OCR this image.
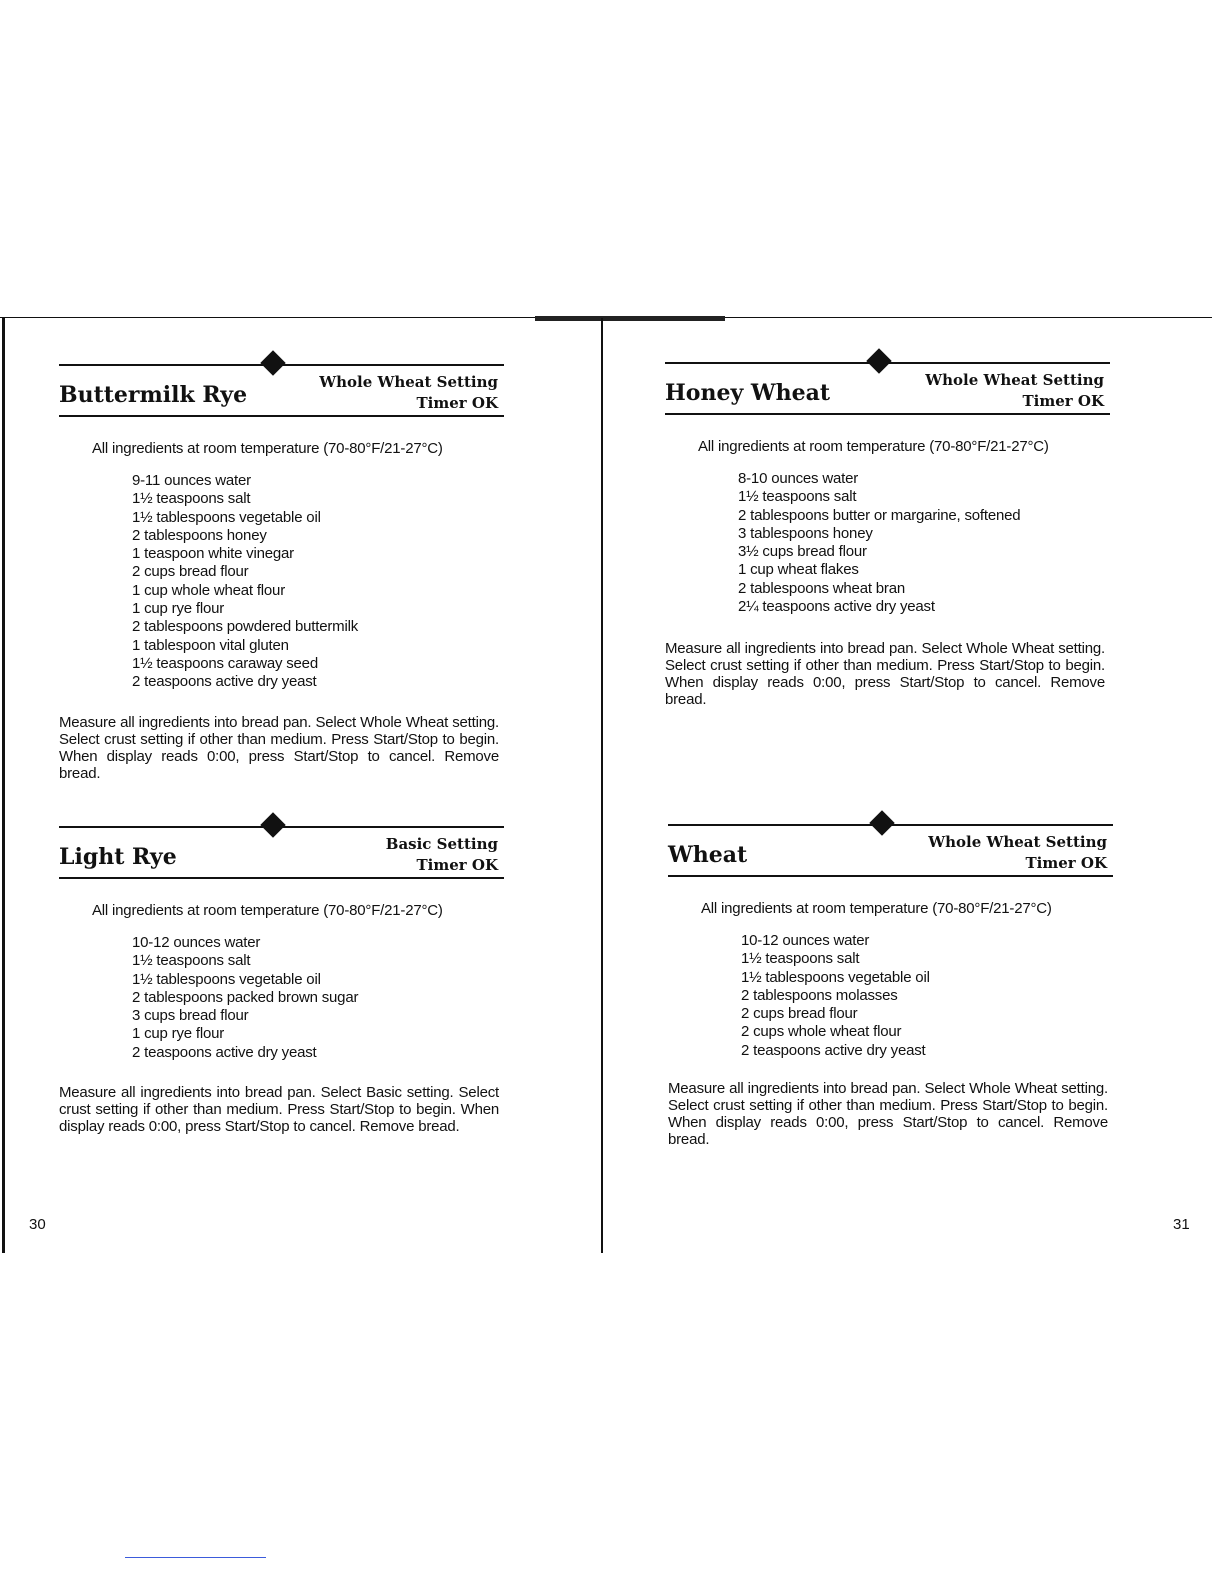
Buttermilk Rye	Whole Wheat Setting
Timer OK
All ingredients at room temperature (70-80°F/21-27°C)
9-11 ounces water
1½ teaspoons salt
1½ tablespoons vegetable oil
2 tablespoons honey
1 teaspoon white vinegar
2 cups bread flour
1 cup whole wheat flour
1 cup rye flour
2 tablespoons powdered buttermilk
1 tablespoon vital gluten
1½ teaspoons caraway seed
2 teaspoons active dry yeast
Measure all ingredients into bread pan. Select Whole Wheat setting. Select crust setting if other than medium. Press Start/Stop to begin. When display reads 0:00, press Start/Stop to cancel. Remove bread.
Light Rye	Basic Setting
Timer OK
All ingredients at room temperature (70-80°F/21-27°C)
10-12 ounces water
1½ teaspoons salt
1½ tablespoons vegetable oil
2 tablespoons packed brown sugar
3 cups bread flour
1 cup rye flour
2 teaspoons active dry yeast
Measure all ingredients into bread pan. Select Basic setting. Select crust setting if other than medium. Press Start/Stop to begin. When display reads 0:00, press Start/Stop to cancel. Remove bread.
Honey Wheat	Whole Wheat Setting
Timer OK
All ingredients at room temperature (70-80°F/21-27°C)
8-10 ounces water
1½ teaspoons salt
2 tablespoons butter or margarine, softened
3 tablespoons honey
3½ cups bread flour
1 cup wheat flakes
2 tablespoons wheat bran
2¼ teaspoons active dry yeast
Measure all ingredients into bread pan. Select Whole Wheat setting. Select crust setting if other than medium. Press Start/Stop to begin. When display reads 0:00, press Start/Stop to cancel. Remove bread.
Wheat	Whole Wheat Setting
Timer OK
All ingredients at room temperature (70-80°F/21-27°C)
10-12 ounces water
1½ teaspoons salt
1½ tablespoons vegetable oil
2 tablespoons molasses
2 cups bread flour
2 cups whole wheat flour
2 teaspoons active dry yeast
Measure all ingredients into bread pan. Select Whole Wheat setting. Select crust setting if other than medium. Press Start/Stop to begin. When display reads 0:00, press Start/Stop to cancel. Remove bread.
30	31
